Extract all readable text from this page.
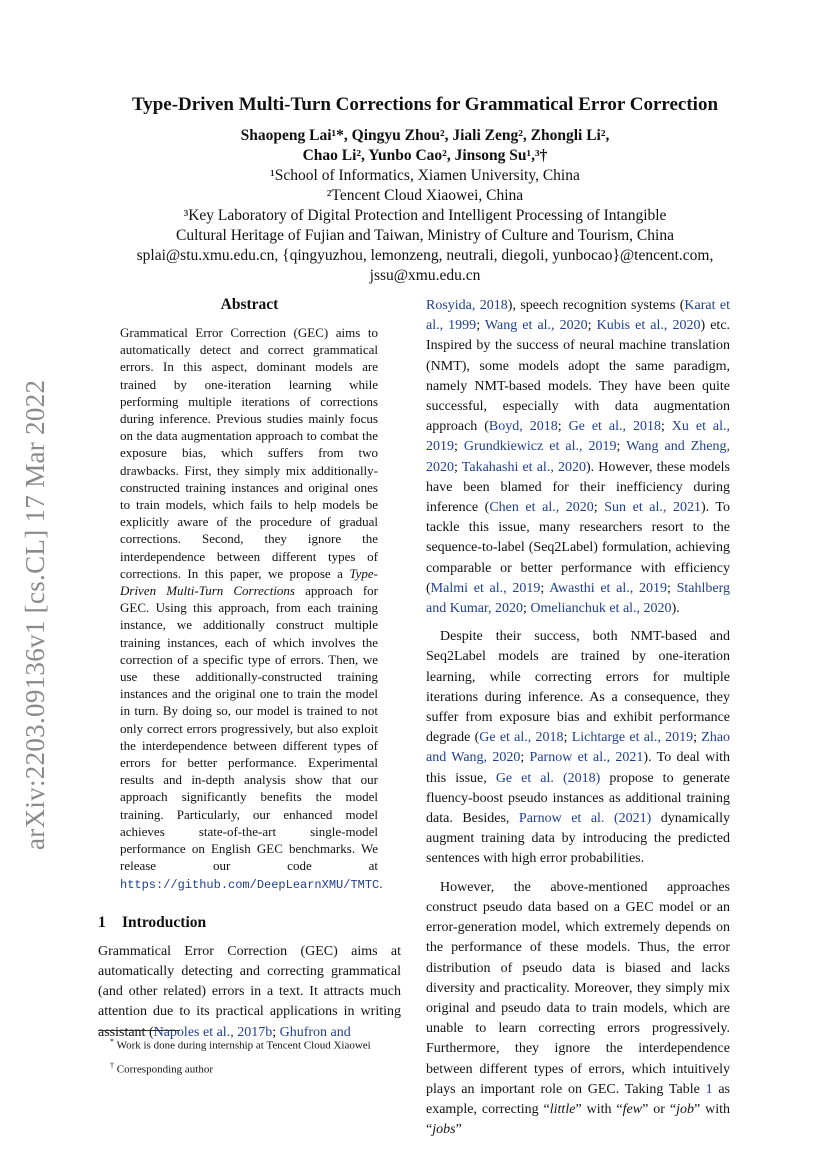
arXiv:2203.09136v1 [cs.CL] 17 Mar 2022
Type-Driven Multi-Turn Corrections for Grammatical Error Correction
Shaopeng Lai¹*, Qingyu Zhou², Jiali Zeng², Zhongli Li²,
Chao Li², Yunbo Cao², Jinsong Su¹,³†
¹School of Informatics, Xiamen University, China
²Tencent Cloud Xiaowei, China
³Key Laboratory of Digital Protection and Intelligent Processing of Intangible
Cultural Heritage of Fujian and Taiwan, Ministry of Culture and Tourism, China
splai@stu.xmu.edu.cn, {qingyuzhou, lemonzeng, neutrali, diegoli, yunbocao}@tencent.com,
jssu@xmu.edu.cn
Abstract
Grammatical Error Correction (GEC) aims to automatically detect and correct grammatical errors. In this aspect, dominant models are trained by one-iteration learning while performing multiple iterations of corrections during inference. Previous studies mainly focus on the data augmentation approach to combat the exposure bias, which suffers from two drawbacks. First, they simply mix additionally-constructed training instances and original ones to train models, which fails to help models be explicitly aware of the procedure of gradual corrections. Second, they ignore the interdependence between different types of corrections. In this paper, we propose a Type-Driven Multi-Turn Corrections approach for GEC. Using this approach, from each training instance, we additionally construct multiple training instances, each of which involves the correction of a specific type of errors. Then, we use these additionally-constructed training instances and the original one to train the model in turn. By doing so, our model is trained to not only correct errors progressively, but also exploit the interdependence between different types of errors for better performance. Experimental results and in-depth analysis show that our approach significantly benefits the model training. Particularly, our enhanced model achieves state-of-the-art single-model performance on English GEC benchmarks. We release our code at https://github.com/DeepLearnXMU/TMTC.
1 Introduction

Grammatical Error Correction (GEC) aims at automatically detecting and correcting grammatical (and other related) errors in a text. It attracts much attention due to its practical applications in writing assistant (Napoles et al., 2017b; Ghufron and

* Work is done during internship at Tencent Cloud Xiaowei

† Corresponding author

Rosyida, 2018), speech recognition systems (Karat et al., 1999; Wang et al., 2020; Kubis et al., 2020) etc. Inspired by the success of neural machine translation (NMT), some models adopt the same paradigm, namely NMT-based models. They have been quite successful, especially with data augmentation approach (Boyd, 2018; Ge et al., 2018; Xu et al., 2019; Grundkiewicz et al., 2019; Wang and Zheng, 2020; Takahashi et al., 2020). However, these models have been blamed for their inefficiency during inference (Chen et al., 2020; Sun et al., 2021). To tackle this issue, many researchers resort to the sequence-to-label (Seq2Label) formulation, achieving comparable or better performance with efficiency (Malmi et al., 2019; Awasthi et al., 2019; Stahlberg and Kumar, 2020; Omelianchuk et al., 2020).

Despite their success, both NMT-based and Seq2Label models are trained by one-iteration learning, while correcting errors for multiple iterations during inference. As a consequence, they suffer from exposure bias and exhibit performance degrade (Ge et al., 2018; Lichtarge et al., 2019; Zhao and Wang, 2020; Parnow et al., 2021). To deal with this issue, Ge et al. (2018) propose to generate fluency-boost pseudo instances as additional training data. Besides, Parnow et al. (2021) dynamically augment training data by introducing the predicted sentences with high error probabilities.

However, the above-mentioned approaches construct pseudo data based on a GEC model or an error-generation model, which extremely depends on the performance of these models. Thus, the error distribution of pseudo data is biased and lacks diversity and practicality. Moreover, they simply mix original and pseudo data to train models, which are unable to learn correcting errors progressively. Furthermore, they ignore the interdependence between different types of errors, which intuitively plays an important role on GEC. Taking Table 1 as example, correcting “little” with “few” or “job” with “jobs”
